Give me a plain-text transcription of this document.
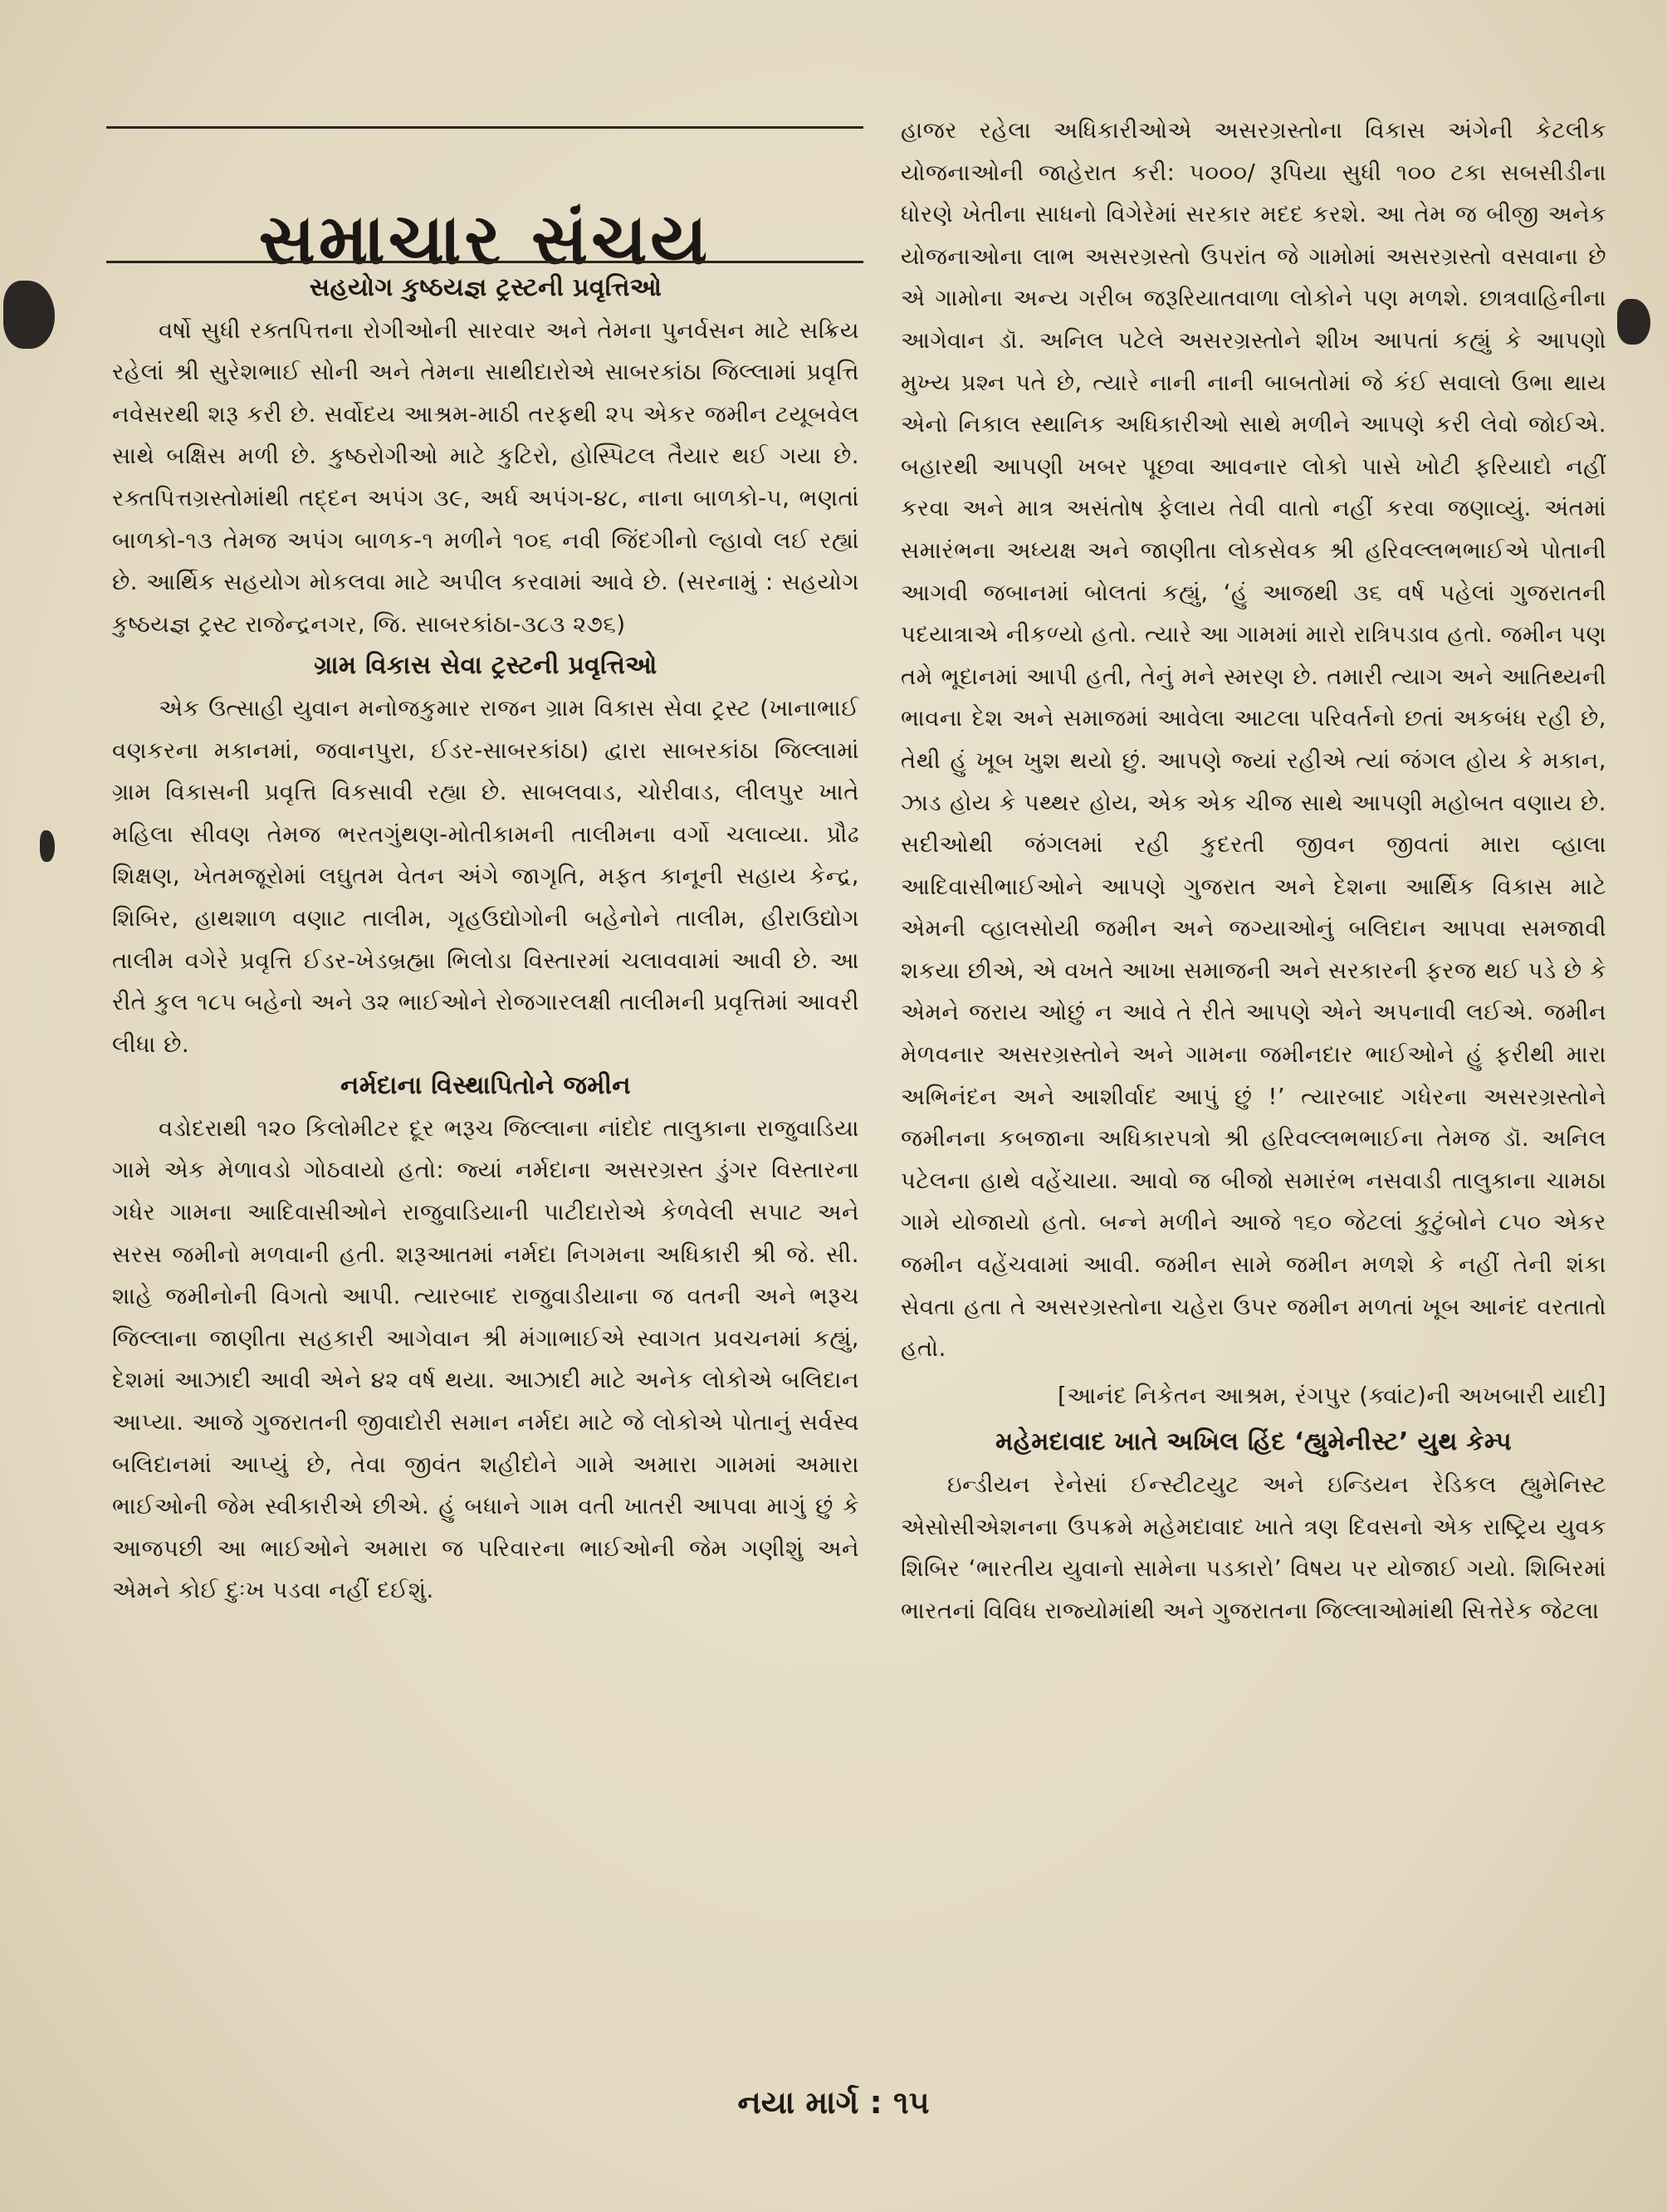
સમાચાર સંચય
સહયોગ કુષ્ઠયજ્ઞ ટ્રસ્ટની પ્રવૃત્તિઓ

વર્ષો સુધી રક્તપિત્તના રોગીઓની સારવાર અને તેમના પુનર્વસન માટે સક્રિય રહેલાં શ્રી સુરેશભાઈ સોની અને તેમના સાથીદારોએ સાબરકાંઠા જિલ્લામાં પ્રવૃત્તિ નવેસરથી શરૂ કરી છે. સર્વોદય આશ્રમ-માઠી તરફથી ૨૫ એકર જમીન ટયૂબવેલ સાથે બક્ષિસ મળી છે. કુષ્ઠરોગીઓ માટે કુટિરો, હોસ્પિટલ તૈયાર થઈ ગયા છે. રક્તપિત્તગ્રસ્તોમાંથી તદ્દન અપંગ ૩૯, અર્ધ અપંગ-૪૮, નાના બાળકો-૫, ભણતાં બાળકો-૧૩ તેમજ અપંગ બાળક-૧ મળીને ૧૦૬ નવી જિંદગીનો લ્હાવો લઈ રહ્યાં છે. આર્થિક સહયોગ મોકલવા માટે અપીલ કરવામાં આવે છે. (સરનામું : સહયોગ કુષ્ઠયજ્ઞ ટ્રસ્ટ રાજેન્દ્રનગર, જિ. સાબરકાંઠા-૩૮૩ ૨૭૬)

ગ્રામ વિકાસ સેવા ટ્રસ્ટની પ્રવૃત્તિઓ

એક ઉત્સાહી યુવાન મનોજકુમાર રાજન ગ્રામ વિકાસ સેવા ટ્રસ્ટ (ખાનાભાઈ વણકરના મકાનમાં, જવાનપુરા, ઈડર-સાબરકાંઠા) દ્વારા સાબરકાંઠા જિલ્લામાં ગ્રામ વિકાસની પ્રવૃત્તિ વિકસાવી રહ્યા છે. સાબલવાડ, ચોરીવાડ, લીલપુર ખાતે મહિલા સીવણ તેમજ ભરતગુંથણ-મોતીકામની તાલીમના વર્ગો ચલાવ્યા. પ્રૌઢ શિક્ષણ, ખેતમજૂરોમાં લઘુતમ વેતન અંગે જાગૃતિ, મફત કાનૂની સહાય કેન્દ્ર, શિબિર, હાથશાળ વણાટ તાલીમ, ગૃહઉદ્યોગોની બહેનોને તાલીમ, હીરાઉદ્યોગ તાલીમ વગેરે પ્રવૃત્તિ ઈડર-ખેડબ્રહ્મા ભિલોડા વિસ્તારમાં ચલાવવામાં આવી છે. આ રીતે કુલ ૧૮૫ બહેનો અને ૩૨ ભાઈઓને રોજગારલક્ષી તાલીમની પ્રવૃત્તિમાં આવરી લીધા છે.

નર્મદાના વિસ્થાપિતોને જમીન

વડોદરાથી ૧૨૦ કિલોમીટર દૂર ભરૂચ જિલ્લાના નાંદોદ તાલુકાના રાજુવાડિયા ગામે એક મેળાવડો ગોઠવાયો હતો: જ્યાં નર્મદાના અસરગ્રસ્ત ડુંગર વિસ્તારના ગધેર ગામના આદિવાસીઓને રાજુવાડિયાની પાટીદારોએ કેળવેલી સપાટ અને સરસ જમીનો મળવાની હતી. શરૂઆતમાં નર્મદા નિગમના અધિકારી શ્રી જે. સી. શાહે જમીનોની વિગતો આપી. ત્યારબાદ રાજુવાડીયાના જ વતની અને ભરૂચ જિલ્લાના જાણીતા સહકારી આગેવાન શ્રી મંગાભાઈએ સ્વાગત પ્રવચનમાં કહ્યું, દેશમાં આઝાદી આવી એને ૪૨ વર્ષ થયા. આઝાદી માટે અનેક લોકોએ બલિદાન આપ્યા. આજે ગુજરાતની જીવાદોરી સમાન નર્મદા માટે જે લોકોએ પોતાનું સર્વસ્વ બલિદાનમાં આપ્યું છે, તેવા જીવંત શહીદોને ગામે અમારા ગામમાં અમારા ભાઈઓની જેમ સ્વીકારીએ છીએ. હું બધાને ગામ વતી ખાતરી આપવા માગું છું કે આજપછી આ ભાઈઓને અમારા જ પરિવારના ભાઈઓની જેમ ગણીશું અને એમને કોઈ દુઃખ પડવા નહીં દઈશું.

હાજર રહેલા અધિકારીઓએ અસરગ્રસ્તોના વિકાસ અંગેની કેટલીક યોજનાઓની જાહેરાત કરી: ૫૦૦૦/ રૂપિયા સુધી ૧૦૦ ટકા સબસીડીના ધોરણે ખેતીના સાધનો વિગેરેમાં સરકાર મદદ કરશે. આ તેમ જ બીજી અનેક યોજનાઓના લાભ અસરગ્રસ્તો ઉપરાંત જે ગામોમાં અસરગ્રસ્તો વસવાના છે એ ગામોના અન્ય ગરીબ જરૂરિયાતવાળા લોકોને પણ મળશે. છાત્રવાહિનીના આગેવાન ડૉ. અનિલ પટેલે અસરગ્રસ્તોને શીખ આપતાં કહ્યું કે આપણો મુખ્ય પ્રશ્ન પતે છે, ત્યારે નાની નાની બાબતોમાં જે કંઈ સવાલો ઉભા થાય એનો નિકાલ સ્થાનિક અધિકારીઓ સાથે મળીને આપણે કરી લેવો જોઈએ. બહારથી આપણી ખબર પૂછવા આવનાર લોકો પાસે ખોટી ફરિયાદો નહીં કરવા અને માત્ર અસંતોષ ફેલાય તેવી વાતો નહીં કરવા જણાવ્યું. અંતમાં સમારંભના અધ્યક્ષ અને જાણીતા લોકસેવક શ્રી હરિવલ્લભભાઈએ પોતાની આગવી જબાનમાં બોલતાં કહ્યું, ‘હું આજથી ૩૬ વર્ષ પહેલાં ગુજરાતની પદયાત્રાએ નીકળ્યો હતો. ત્યારે આ ગામમાં મારો રાત્રિપડાવ હતો. જમીન પણ તમે ભૂદાનમાં આપી હતી, તેનું મને સ્મરણ છે. તમારી ત્યાગ અને આતિથ્યની ભાવના દેશ અને સમાજમાં આવેલા આટલા પરિવર્તનો છતાં અકબંધ રહી છે, તેથી હું ખૂબ ખુશ થયો છું. આપણે જ્યાં રહીએ ત્યાં જંગલ હોય કે મકાન, ઝાડ હોય કે પથ્થર હોય, એક એક ચીજ સાથે આપણી મહોબત વણાય છે. સદીઓથી જંગલમાં રહી કુદરતી જીવન જીવતાં મારા વ્હાલા આદિવાસીભાઈઓને આપણે ગુજરાત અને દેશના આર્થિક વિકાસ માટે એમની વ્હાલસોયી જમીન અને જગ્યાઓનું બલિદાન આપવા સમજાવી શકયા છીએ, એ વખતે આખા સમાજની અને સરકારની ફરજ થઈ પડે છે કે એમને જરાય ઓછું ન આવે તે રીતે આપણે એને અપનાવી લઈએ. જમીન મેળવનાર અસરગ્રસ્તોને અને ગામના જમીનદાર ભાઈઓને હું ફરીથી મારા અભિનંદન અને આશીર્વાદ આપું છું !’ ત્યારબાદ ગધેરના અસરગ્રસ્તોને જમીનના કબજાના અધિકારપત્રો શ્રી હરિવલ્લભભાઈના તેમજ ડૉ. અનિલ પટેલના હાથે વહેંચાયા. આવો જ બીજો સમારંભ નસવાડી તાલુકાના ચામઠા ગામે યોજાયો હતો. બન્ને મળીને આજે ૧૬૦ જેટલાં કુટુંબોને ૮૫૦ એકર જમીન વહેંચવામાં આવી. જમીન સામે જમીન મળશે કે નહીં તેની શંકા સેવતા હતા તે અસરગ્રસ્તોના ચહેરા ઉપર જમીન મળતાં ખૂબ આનંદ વરતાતો હતો.

[આનંદ નિકેતન આશ્રમ, રંગપુર (ક્વાંટ)ની અખબારી યાદી]

મહેમદાવાદ ખાતે અખિલ હિંદ ‘હ્યુમેનીસ્ટ’ યુથ કેમ્પ

ઇન્ડીયન રેનેસાં ઈન્સ્ટીટયુટ અને ઇન્ડિયન રેડિકલ હ્યુમેનિસ્ટ એસોસીએશનના ઉપક્રમે મહેમદાવાદ ખાતે ત્રણ દિવસનો એક રાષ્ટ્રિય યુવક શિબિર ‘ભારતીય યુવાનો સામેના પડકારો’ વિષય પર યોજાઈ ગયો. શિબિરમાં ભારતનાં વિવિધ રાજ્યોમાંથી અને ગુજરાતના જિલ્લાઓમાંથી સિત્તેરેક જેટલા

નયા માર્ગ : ૧૫
